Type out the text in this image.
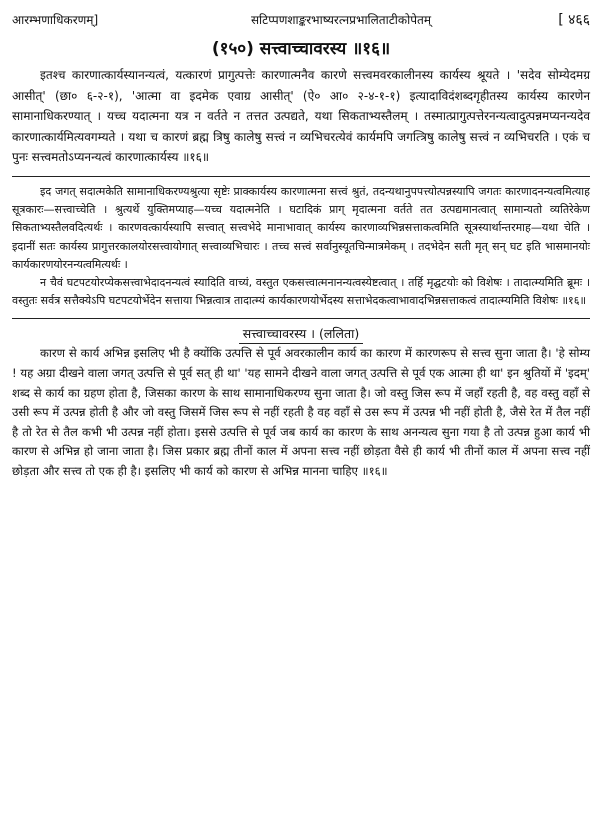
आरम्भणाधिकरणम्]	सटिप्पणशाङ्करभाष्यरत्नप्रभालिताटीकोपेतम्	[ ४६६
(१५०) सत्त्वाच्चावरस्य ॥१६॥
इतश्च कारणात्कार्यस्यानन्यत्वं, यत्कारणं प्रागुत्पत्तेः कारणात्मनैव कारणे सत्त्वमवरकालीनस्य कार्यस्य श्रूयते । 'सदेव सोम्येदमग्र आसीत्' (छा० ६-२-१), 'आत्मा वा इदमेक एवाग्र आसीत्' (ऐ० आ० २-४-१-१) इत्यादाविदंशब्दगृहीतस्य कार्यस्य कारणेन सामानाधिकरण्यात् । यच्च यदात्मना यत्र न वर्तते न तत्तत उत्पद्यते, यथा सिकताभ्यस्तैलम् । तस्मात्प्रागुत्पत्तेरनन्यत्वादुत्पन्नमप्यनन्यदेव कारणात्कार्यमित्यवगम्यते । यथा च कारणं ब्रह्म त्रिषु कालेषु सत्त्वं न व्यभिचरत्येवं कार्यमपि जगत्त्रिषु कालेषु सत्त्वं न व्यभिचरति । एकं च पुनः सत्त्वमतोऽप्यनन्यत्वं कारणात्कार्यस्य ॥१६॥
इद जगत् सदात्मकेति सामानाधिकरण्यश्रुत्या सृष्टेः प्राक्कार्यस्य कारणात्मना सत्त्वं श्रुतं, तदन्यथानुपपत्त्योत्पन्नस्यापि जगतः कारणादनन्यत्वमित्याह सूत्रकारः—सत्त्वाच्चेति । श्रुत्यर्थे युक्तिमप्याह—यच्च यदात्मनेति । घटादिकं प्राग् मृदात्मना वर्तते तत उत्पद्यमानत्वात् सामान्यतो व्यतिरेकेण सिकताभ्यस्तैलवदित्यर्थः । कारणवत्कार्यस्यापि सत्त्वात् सत्त्वभेदे मानाभावात् कार्यस्य कारणाव्यभिन्नसत्ताकत्वमिति सूत्रस्यार्थान्तरमाह—यथा चेति । इदानीं सतः कार्यस्य प्रागुत्तरकालयोरसत्त्वायोगात् सत्त्वाव्यभिचारः । तच्च सत्त्वं सर्वानुस्यूतचिन्मात्रमेकम् । तदभेदेन सती मृत् सन् घट इति भासमानयोः कार्यकारणयोरनन्यत्वमित्यर्थः ।
न चैवं घटपटयोरप्येकसत्त्वाभेदादनन्यत्वं स्यादिति वाच्यं, वस्तुत एकसत्त्वात्मनानन्यत्वस्येष्टत्वात् । तर्हि मृद्घटयोः को विशेषः । तादात्म्यमिति ब्रूमः । वस्तुतः सर्वत्र सत्तैक्येऽपि घटपटयोर्भेदेन सत्ताया भिन्नत्वात्र तादात्म्यं कार्यकारणयोर्भेदस्य सत्ताभेदकत्वाभावादभिन्नसत्ताकत्वं तादात्म्यमिति विशेषः ॥१६॥
सत्त्वाच्चावरस्य । (ललिता)
कारण से कार्य अभिन्न इसलिए भी है क्योंकि उत्पत्ति से पूर्व अवरकालीन कार्य का कारण में कारणरूप से सत्त्व सुना जाता है। 'हे सोम्य ! यह अग्रा दीखने वाला जगत् उत्पत्ति से पूर्व सत् ही था' 'यह सामने दीखने वाला जगत् उत्पत्ति से पूर्व एक आत्मा ही था' इन श्रुतियों में 'इदम्' शब्द से कार्य का ग्रहण होता है, जिसका कारण के साथ सामानाधिकरण्य सुना जाता है। जो वस्तु जिस रूप में जहाँ रहती है, वह वस्तु वहाँ से उसी रूप में उत्पन्न होती है और जो वस्तु जिसमें जिस रूप से नहीं रहती है वह वहाँ से उस रूप में उत्पन्न भी नहीं होती है, जैसे रेत में तैल नहीं है तो रेत से तैल कभी भी उत्पन्न नहीं होता। इससे उत्पत्ति से पूर्व जब कार्य का कारण के साथ अनन्यत्व सुना गया है तो उत्पन्न हुआ कार्य भी कारण से अभिन्न हो जाना जाता है। जिस प्रकार ब्रह्म तीनों काल में अपना सत्त्व नहीं छोड़ता वैसे ही कार्य भी तीनों काल में अपना सत्त्व नहीं छोड़ता और सत्त्व तो एक ही है। इसलिए भी कार्य को कारण से अभिन्न मानना चाहिए ॥१६॥
